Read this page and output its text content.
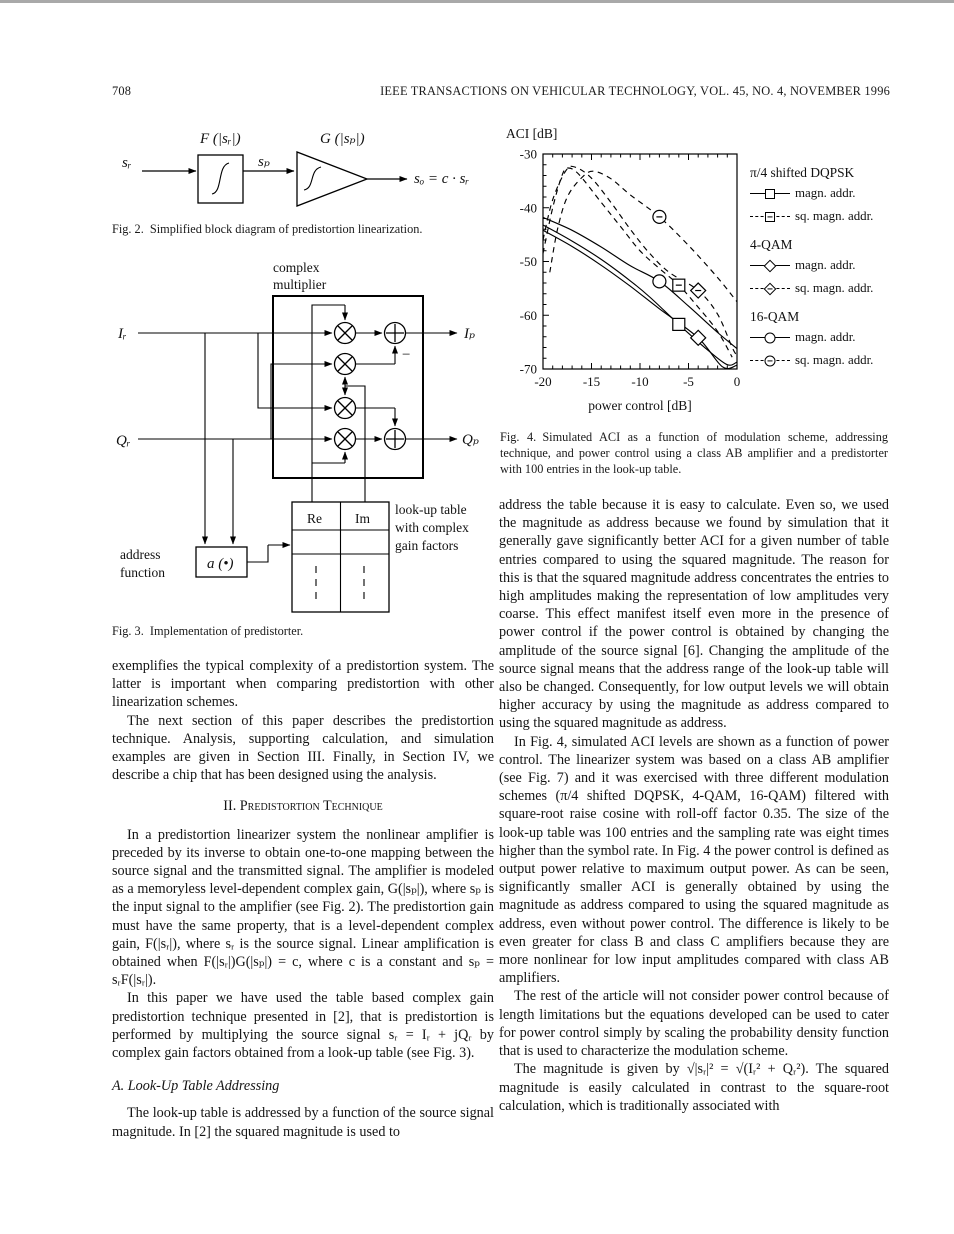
708	IEEE TRANSACTIONS ON VEHICULAR TECHNOLOGY, VOL. 45, NO. 4, NOVEMBER 1996
F (|sᵣ|)	G (|sₚ|)
sᵣ	sₚ
sₒ = c · sᵣ
Fig. 2. Simplified block diagram of predistortion linearization.
complex
multiplier
Iᵣ
Qᵣ
−
Iₚ
Qₚ
address
function
a (•)
Re Im
look-up table
with complex
gain factors
Fig. 3. Implementation of predistorter.
ACI [dB]
power control [dB]
-20 -15 -10	-5	0
-30
-40
-50
-60
-70
π/4 shifted DQPSK
magn. addr.
sq. magn. addr.
4-QAM
magn. addr.
sq. magn. addr.
16-QAM
magn. addr.
sq. magn. addr.
Fig. 4. Simulated ACI as a function of modulation scheme, addressing technique, and power control using a class AB amplifier and a predistorter with 100 entries in the look-up table.

exemplifies the typical complexity of a predistortion system. The latter is important when comparing predistortion with other linearization schemes.

The next section of this paper describes the predistortion technique. Analysis, supporting calculation, and simulation examples are given in Section III. Finally, in Section IV, we describe a chip that has been designed using the analysis.

II. Predistortion Technique

In a predistortion linearizer system the nonlinear amplifier is preceded by its inverse to obtain one-to-one mapping between the source signal and the transmitted signal. The amplifier is modeled as a memoryless level-dependent complex gain, G(|sₚ|), where sₚ is the input signal to the amplifier (see Fig. 2). The predistortion gain must have the same property, that is a level-dependent complex gain, F(|sᵣ|), where sᵣ is the source signal. Linear amplification is obtained when F(|sᵣ|)G(|sₚ|) = c, where c is a constant and sₚ = sᵣF(|sᵣ|).

In this paper we have used the table based complex gain predistortion technique presented in [2], that is predistortion is performed by multiplying the source signal sᵣ = Iᵣ + jQᵣ by complex gain factors obtained from a look-up table (see Fig. 3).

A. Look-Up Table Addressing

The look-up table is addressed by a function of the source signal magnitude. In [2] the squared magnitude is used to

address the table because it is easy to calculate. Even so, we used the magnitude as address because we found by simulation that it generally gave significantly better ACI for a given number of table entries compared to using the squared magnitude. The reason for this is that the squared magnitude address concentrates the entries to high amplitudes making the representation of low amplitudes very coarse. This effect manifest itself even more in the presence of power control if the power control is obtained by changing the amplitude of the source signal [6]. Changing the amplitude of the source signal means that the address range of the look-up table will also be changed. Consequently, for low output levels we will obtain higher accuracy by using the magnitude as address compared to using the squared magnitude as address.

In Fig. 4, simulated ACI levels are shown as a function of power control. The linearizer system was based on a class AB amplifier (see Fig. 7) and it was exercised with three different modulation schemes (π/4 shifted DQPSK, 4-QAM, 16-QAM) filtered with square-root raise cosine with roll-off factor 0.35. The size of the look-up table was 100 entries and the sampling rate was eight times higher than the symbol rate. In Fig. 4 the power control is defined as output power relative to maximum output power. As can be seen, significantly smaller ACI is generally obtained by using the magnitude as address compared to using the squared magnitude as address, even without power control. The difference is likely to be even greater for class B and class C amplifiers because they are more nonlinear for low input amplitudes compared with class AB amplifiers.

The rest of the article will not consider power control because of length limitations but the equations developed can be used to cater for power control simply by scaling the probability density function that is used to characterize the modulation scheme.

The magnitude is given by √|sᵣ|² = √(Iᵣ² + Qᵣ²). The squared magnitude is easily calculated in contrast to the square-root calculation, which is traditionally associated with
